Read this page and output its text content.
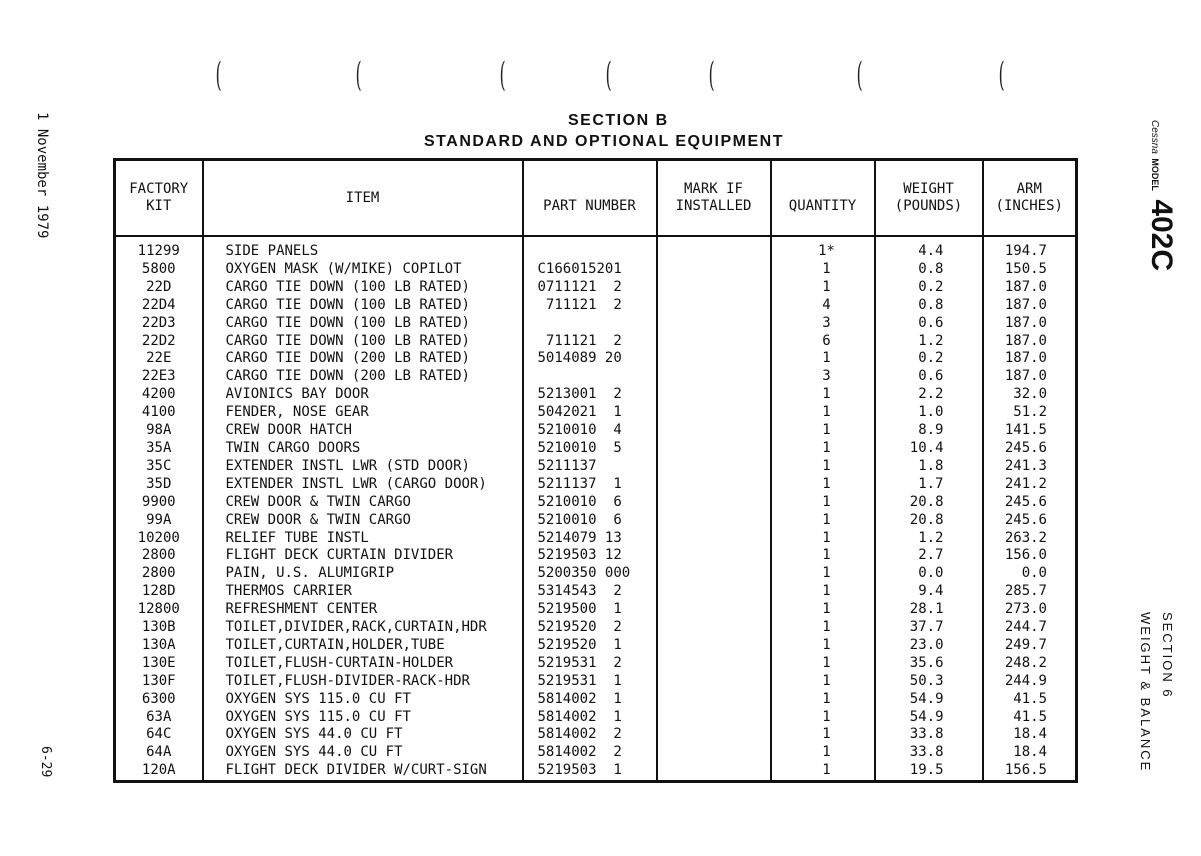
(	(	(	(	(	(	(
SECTION B
STANDARD AND OPTIONAL EQUIPMENT
1 November 1979
6-29
SECTION 6
WEIGHT & BALANCE
Cessna MODEL 402C
FACTORY KIT	ITEM	PART NUMBER	MARK IF INSTALLED	QUANTITY	WEIGHT (POUNDS)	ARM (INCHES)
11299	SIDE PANELS			1*	4.4	194.7
5800	OXYGEN MASK (W/MIKE) COPILOT	C166015201		1	0.8	150.5
22D	CARGO TIE DOWN (100 LB RATED)	0711121  2		1	0.2	187.0
22D4	CARGO TIE DOWN (100 LB RATED)	711121  2		4	0.8	187.0
22D3	CARGO TIE DOWN (100 LB RATED)			3	0.6	187.0
22D2	CARGO TIE DOWN (100 LB RATED)	711121  2		6	1.2	187.0
22E	CARGO TIE DOWN (200 LB RATED)	5014089 20		1	0.2	187.0
22E3	CARGO TIE DOWN (200 LB RATED)			3	0.6	187.0
4200	AVIONICS BAY DOOR	5213001  2		1	2.2	32.0
4100	FENDER, NOSE GEAR	5042021  1		1	1.0	51.2
98A	CREW DOOR HATCH	5210010  4		1	8.9	141.5
35A	TWIN CARGO DOORS	5210010  5		1	10.4	245.6
35C	EXTENDER INSTL LWR (STD DOOR)	5211137		1	1.8	241.3
35D	EXTENDER INSTL LWR (CARGO DOOR)	5211137  1		1	1.7	241.2
9900	CREW DOOR & TWIN CARGO	5210010  6		1	20.8	245.6
99A	CREW DOOR & TWIN CARGO	5210010  6		1	20.8	245.6
10200	RELIEF TUBE INSTL	5214079 13		1	1.2	263.2
2800	FLIGHT DECK CURTAIN DIVIDER	5219503 12		1	2.7	156.0
2800	PAIN, U.S. ALUMIGRIP	5200350 000		1	0.0	0.0
128D	THERMOS CARRIER	5314543  2		1	9.4	285.7
12800	REFRESHMENT CENTER	5219500  1		1	28.1	273.0
130B	TOILET,DIVIDER,RACK,CURTAIN,HDR	5219520  2		1	37.7	244.7
130A	TOILET,CURTAIN,HOLDER,TUBE	5219520  1		1	23.0	249.7
130E	TOILET,FLUSH-CURTAIN-HOLDER	5219531  2		1	35.6	248.2
130F	TOILET,FLUSH-DIVIDER-RACK-HDR	5219531  1		1	50.3	244.9
6300	OXYGEN SYS 115.0 CU FT	5814002  1		1	54.9	41.5
63A	OXYGEN SYS 115.0 CU FT	5814002  1		1	54.9	41.5
64C	OXYGEN SYS 44.0 CU FT	5814002  2		1	33.8	18.4
64A	OXYGEN SYS 44.0 CU FT	5814002  2		1	33.8	18.4
120A	FLIGHT DECK DIVIDER W/CURT-SIGN	5219503  1		1	19.5	156.5
